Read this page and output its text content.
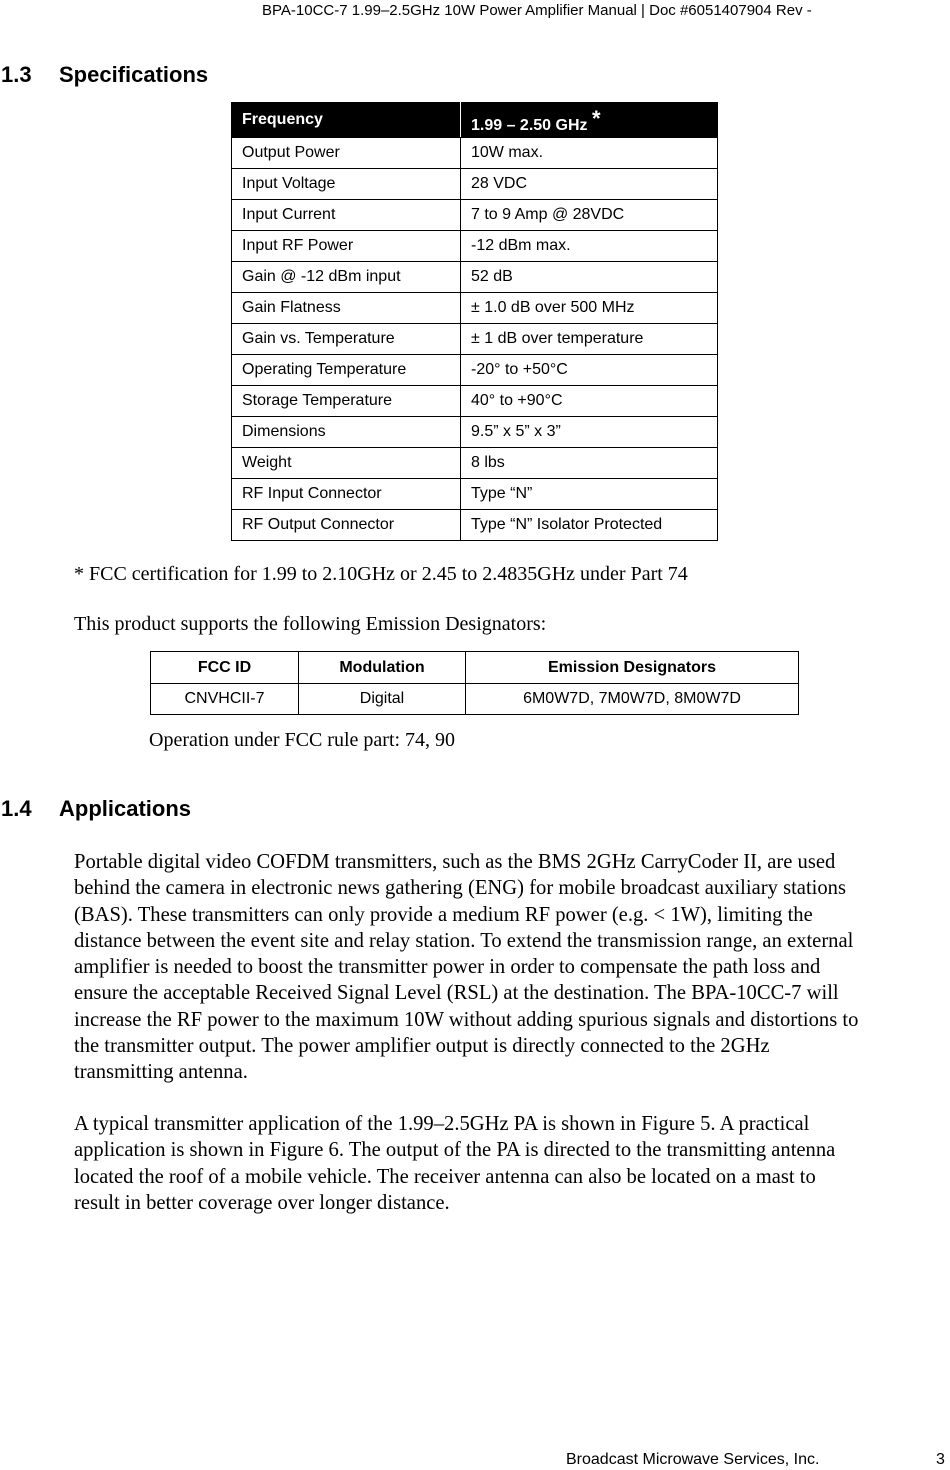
BPA-10CC-7 1.99–2.5GHz 10W Power Amplifier Manual | Doc #6051407904 Rev -
1.3 Specifications
Frequency	1.99 – 2.50 GHz *
Output Power	10W max.
Input Voltage	28 VDC
Input Current	7 to 9 Amp @ 28VDC
Input RF Power	-12 dBm max.
Gain @ -12 dBm input	52 dB
Gain Flatness	± 1.0 dB over 500 MHz
Gain vs. Temperature	± 1 dB over temperature
Operating Temperature	-20° to +50°C
Storage Temperature	40° to +90°C
Dimensions	9.5” x 5” x 3”
Weight	8 lbs
RF Input Connector	Type “N”
RF Output Connector	Type “N” Isolator Protected
* FCC certification for 1.99 to 2.10GHz or 2.45 to 2.4835GHz under Part 74
This product supports the following Emission Designators:
FCC ID	Modulation	Emission Designators
CNVHCII-7	Digital	6M0W7D, 7M0W7D, 8M0W7D
Operation under FCC rule part: 74, 90
1.4 Applications
Portable digital video COFDM transmitters, such as the BMS 2GHz CarryCoder II, are used
behind the camera in electronic news gathering (ENG) for mobile broadcast auxiliary stations
(BAS). These transmitters can only provide a medium RF power (e.g. < 1W), limiting the
distance between the event site and relay station. To extend the transmission range, an external
amplifier is needed to boost the transmitter power in order to compensate the path loss and
ensure the acceptable Received Signal Level (RSL) at the destination. The BPA-10CC-7 will
increase the RF power to the maximum 10W without adding spurious signals and distortions to
the transmitter output. The power amplifier output is directly connected to the 2GHz
transmitting antenna.
A typical transmitter application of the 1.99–2.5GHz PA is shown in Figure 5. A practical
application is shown in Figure 6. The output of the PA is directed to the transmitting antenna
located the roof of a mobile vehicle. The receiver antenna can also be located on a mast to
result in better coverage over longer distance.
Broadcast Microwave Services, Inc.	3
